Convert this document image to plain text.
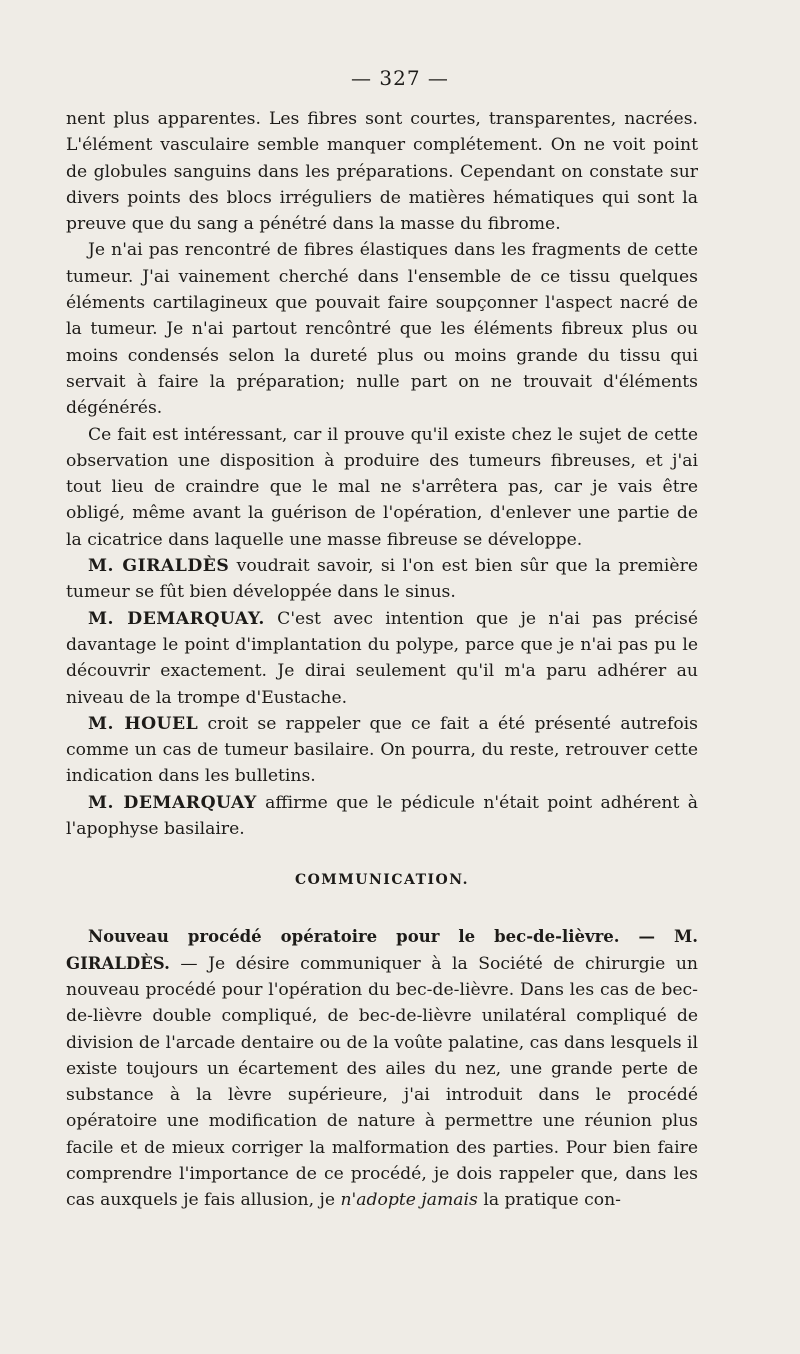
— 327 —

nent plus apparentes. Les fibres sont courtes, transparentes, nacrées. L'élément vasculaire semble manquer complétement. On ne voit point de globules sanguins dans les préparations. Cependant on constate sur divers points des blocs irréguliers de matières hématiques qui sont la preuve que du sang a pénétré dans la masse du fibrome.

Je n'ai pas rencontré de fibres élastiques dans les fragments de cette tumeur. J'ai vainement cherché dans l'ensemble de ce tissu quelques éléments cartilagineux que pouvait faire soupçonner l'aspect nacré de la tumeur. Je n'ai partout rencôntré que les éléments fibreux plus ou moins condensés selon la dureté plus ou moins grande du tissu qui servait à faire la préparation; nulle part on ne trouvait d'éléments dégénérés.

Ce fait est intéressant, car il prouve qu'il existe chez le sujet de cette observation une disposition à produire des tumeurs fibreuses, et j'ai tout lieu de craindre que le mal ne s'arrêtera pas, car je vais être obligé, même avant la guérison de l'opération, d'enlever une partie de la cicatrice dans laquelle une masse fibreuse se développe.

M. GIRALDÈS voudrait savoir, si l'on est bien sûr que la première tumeur se fût bien développée dans le sinus.

M. DEMARQUAY. C'est avec intention que je n'ai pas précisé davantage le point d'implantation du polype, parce que je n'ai pas pu le découvrir exactement. Je dirai seulement qu'il m'a paru adhérer au niveau de la trompe d'Eustache.

M. HOUEL croit se rappeler que ce fait a été présenté autrefois comme un cas de tumeur basilaire. On pourra, du reste, retrouver cette indication dans les bulletins.

M. DEMARQUAY affirme que le pédicule n'était point adhérent à l'apophyse basilaire.

COMMUNICATION.

Nouveau procédé opératoire pour le bec-de-lièvre. — M. GIRALDÈS. — Je désire communiquer à la Société de chirurgie un nouveau procédé pour l'opération du bec-de-lièvre. Dans les cas de bec-de-lièvre double compliqué, de bec-de-lièvre unilatéral compliqué de division de l'arcade dentaire ou de la voûte palatine, cas dans lesquels il existe toujours un écartement des ailes du nez, une grande perte de substance à la lèvre supérieure, j'ai introduit dans le procédé opératoire une modification de nature à permettre une réunion plus facile et de mieux corriger la malformation des parties. Pour bien faire comprendre l'importance de ce procédé, je dois rappeler que, dans les cas auxquels je fais allusion, je n'adopte jamais la pratique con-
